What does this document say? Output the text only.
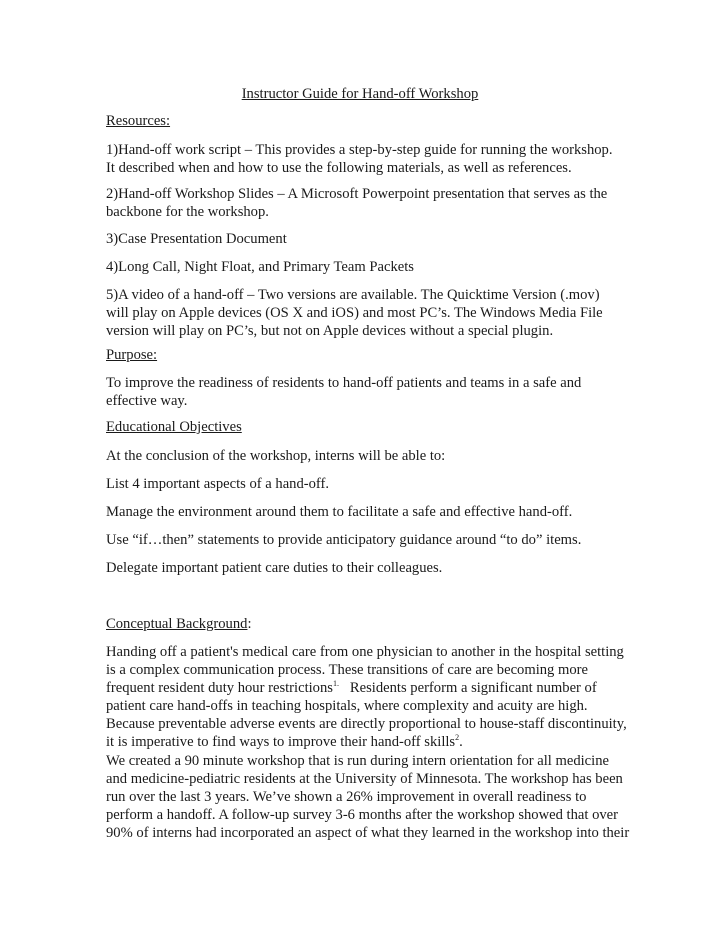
Instructor Guide for Hand-off Workshop

Resources:

1)Hand-off work script – This provides a step-by-step guide for running the workshop.
It described when and how to use the following materials, as well as references.

2)Hand-off Workshop Slides – A Microsoft Powerpoint presentation that serves as the
backbone for the workshop.

3)Case Presentation Document

4)Long Call, Night Float, and Primary Team Packets

5)A video of a hand-off – Two versions are available. The Quicktime Version (.mov)
will play on Apple devices (OS X and iOS) and most PC’s. The Windows Media File
version will play on PC’s, but not on Apple devices without a special plugin.

Purpose:

To improve the readiness of residents to hand-off patients and teams in a safe and
effective way.

Educational Objectives

At the conclusion of the workshop, interns will be able to:

List 4 important aspects of a hand-off.

Manage the environment around them to facilitate a safe and effective hand-off.

Use “if…then” statements to provide anticipatory guidance around “to do” items.

Delegate important patient care duties to their colleagues.

Conceptual Background:

Handing off a patient's medical care from one physician to another in the hospital setting
is a complex communication process. These transitions of care are becoming more
frequent resident duty hour restrictions$^{1.}$   Residents perform a significant number of
patient care hand-offs in teaching hospitals, where complexity and acuity are high.
Because preventable adverse events are directly proportional to house-staff discontinuity,
it is imperative to find ways to improve their hand-off skills$^2$.

We created a 90 minute workshop that is run during intern orientation for all medicine
and medicine-pediatric residents at the University of Minnesota. The workshop has been
run over the last 3 years. We’ve shown a 26% improvement in overall readiness to
perform a handoff. A follow-up survey 3-6 months after the workshop showed that over
90% of interns had incorporated an aspect of what they learned in the workshop into their
